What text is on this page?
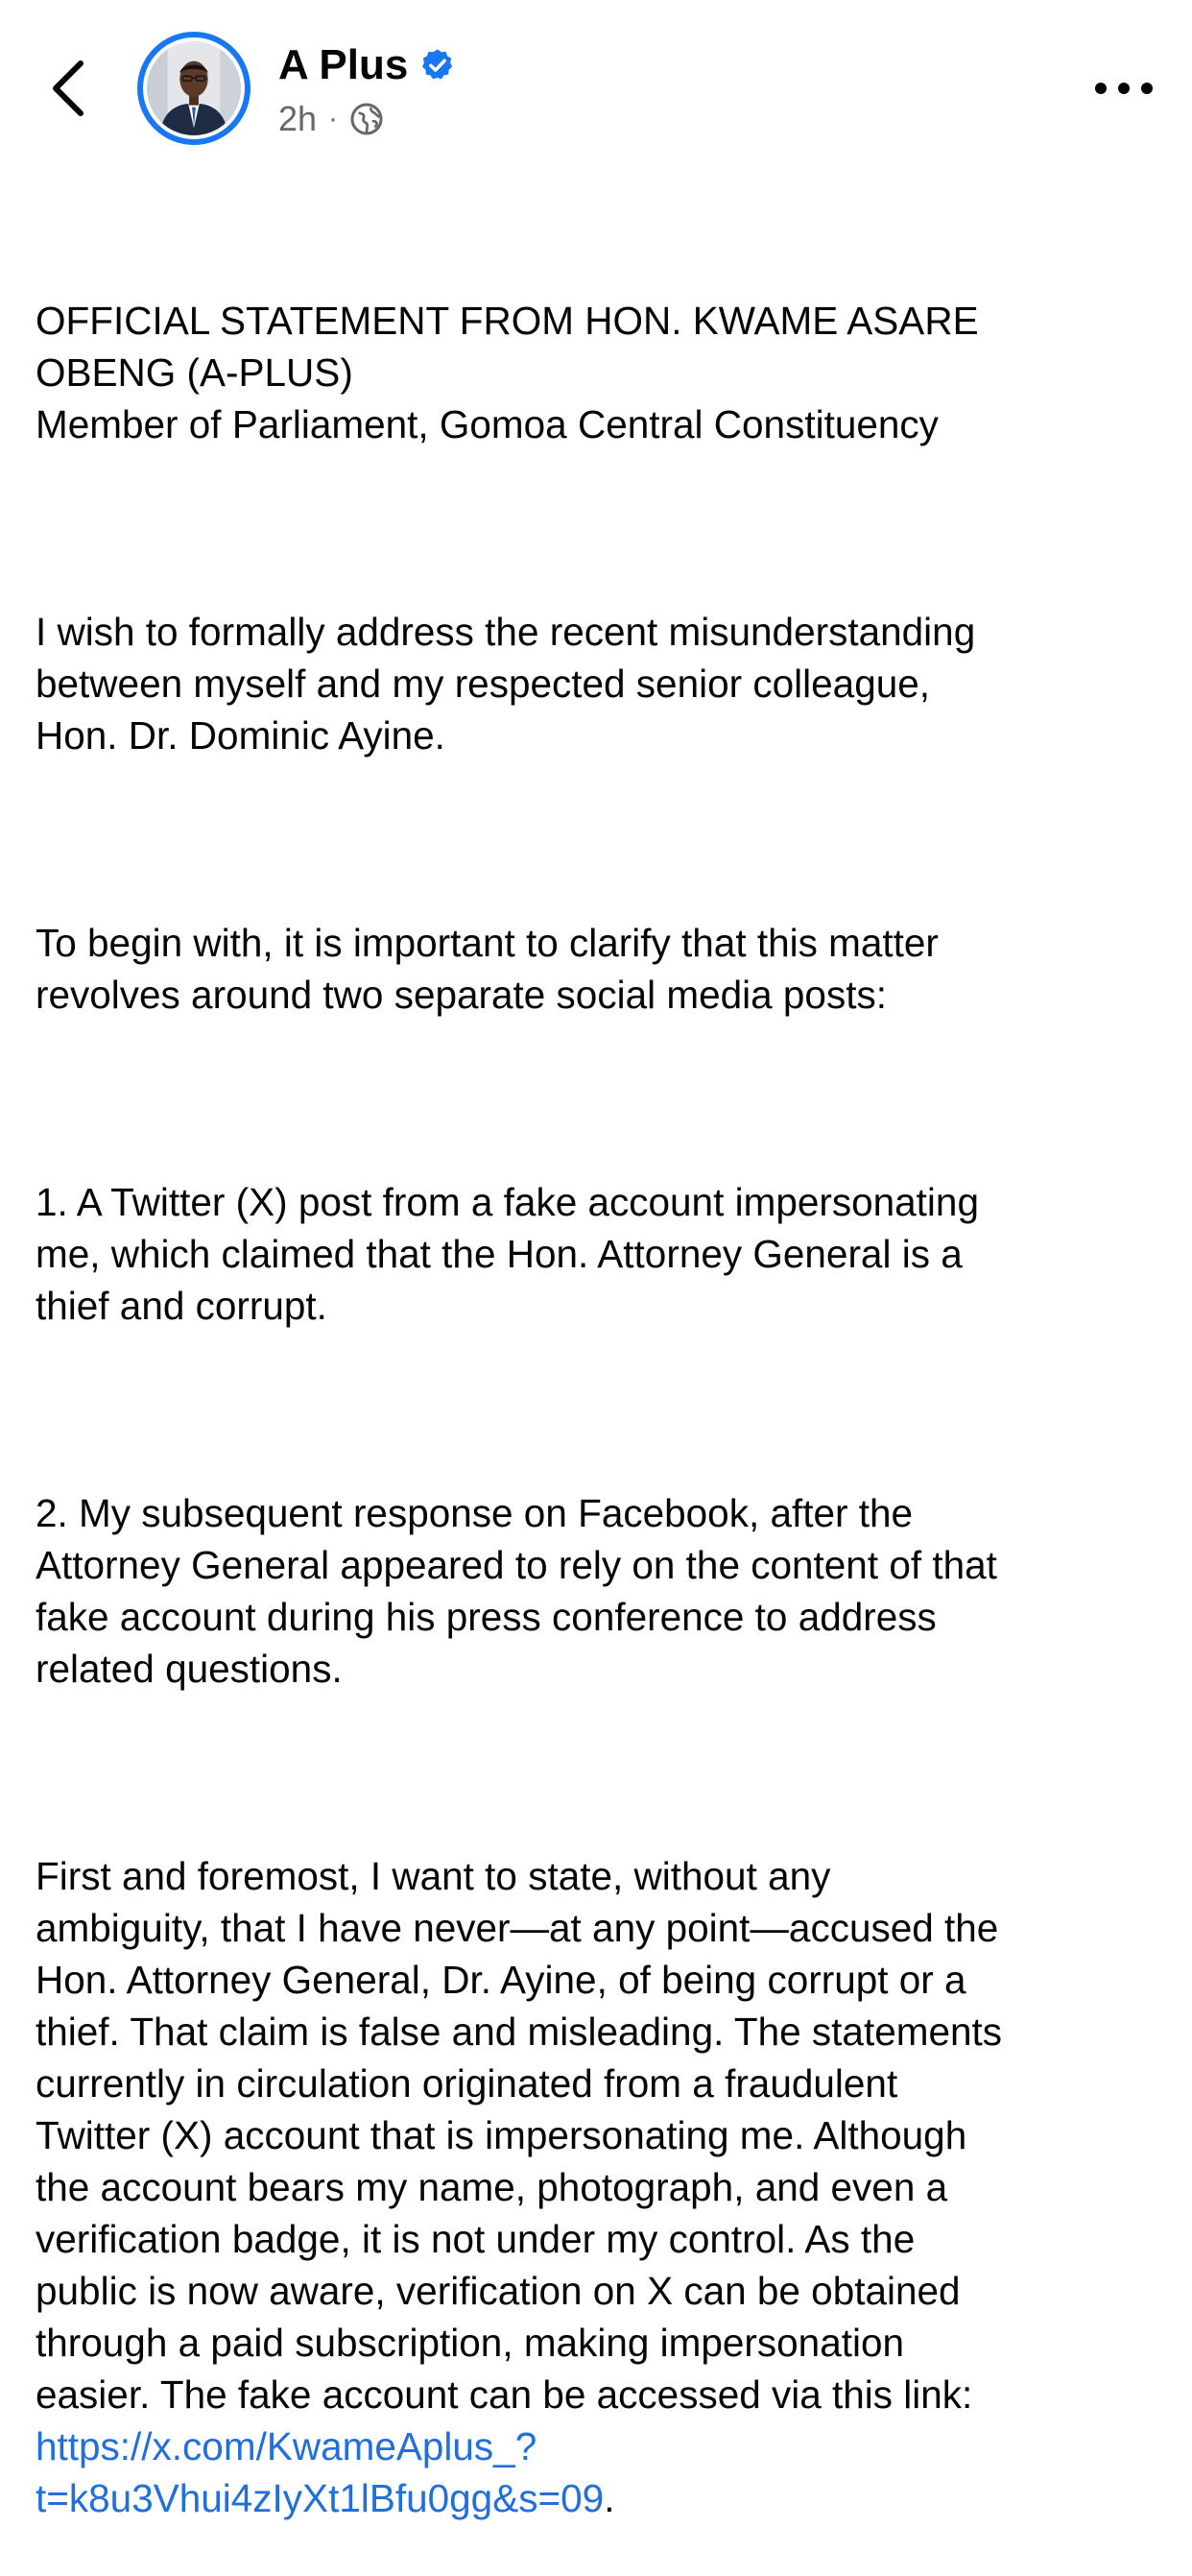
A Plus
2h ·

OFFICIAL STATEMENT FROM HON. KWAME ASARE
OBENG (A-PLUS)
Member of Parliament, Gomoa Central Constituency

I wish to formally address the recent misunderstanding
between myself and my respected senior colleague,
Hon. Dr. Dominic Ayine.

To begin with, it is important to clarify that this matter
revolves around two separate social media posts:

1. A Twitter (X) post from a fake account impersonating
me, which claimed that the Hon. Attorney General is a
thief and corrupt.

2. My subsequent response on Facebook, after the
Attorney General appeared to rely on the content of that
fake account during his press conference to address
related questions.

First and foremost, I want to state, without any
ambiguity, that I have never—at any point—accused the
Hon. Attorney General, Dr. Ayine, of being corrupt or a
thief. That claim is false and misleading. The statements
currently in circulation originated from a fraudulent
Twitter (X) account that is impersonating me. Although
the account bears my name, photograph, and even a
verification badge, it is not under my control. As the
public is now aware, verification on X can be obtained
through a paid subscription, making impersonation
easier. The fake account can be accessed via this link:
https://x.com/KwameAplus_?
t=k8u3Vhui4zIyXt1lBfu0gg&s=09.
